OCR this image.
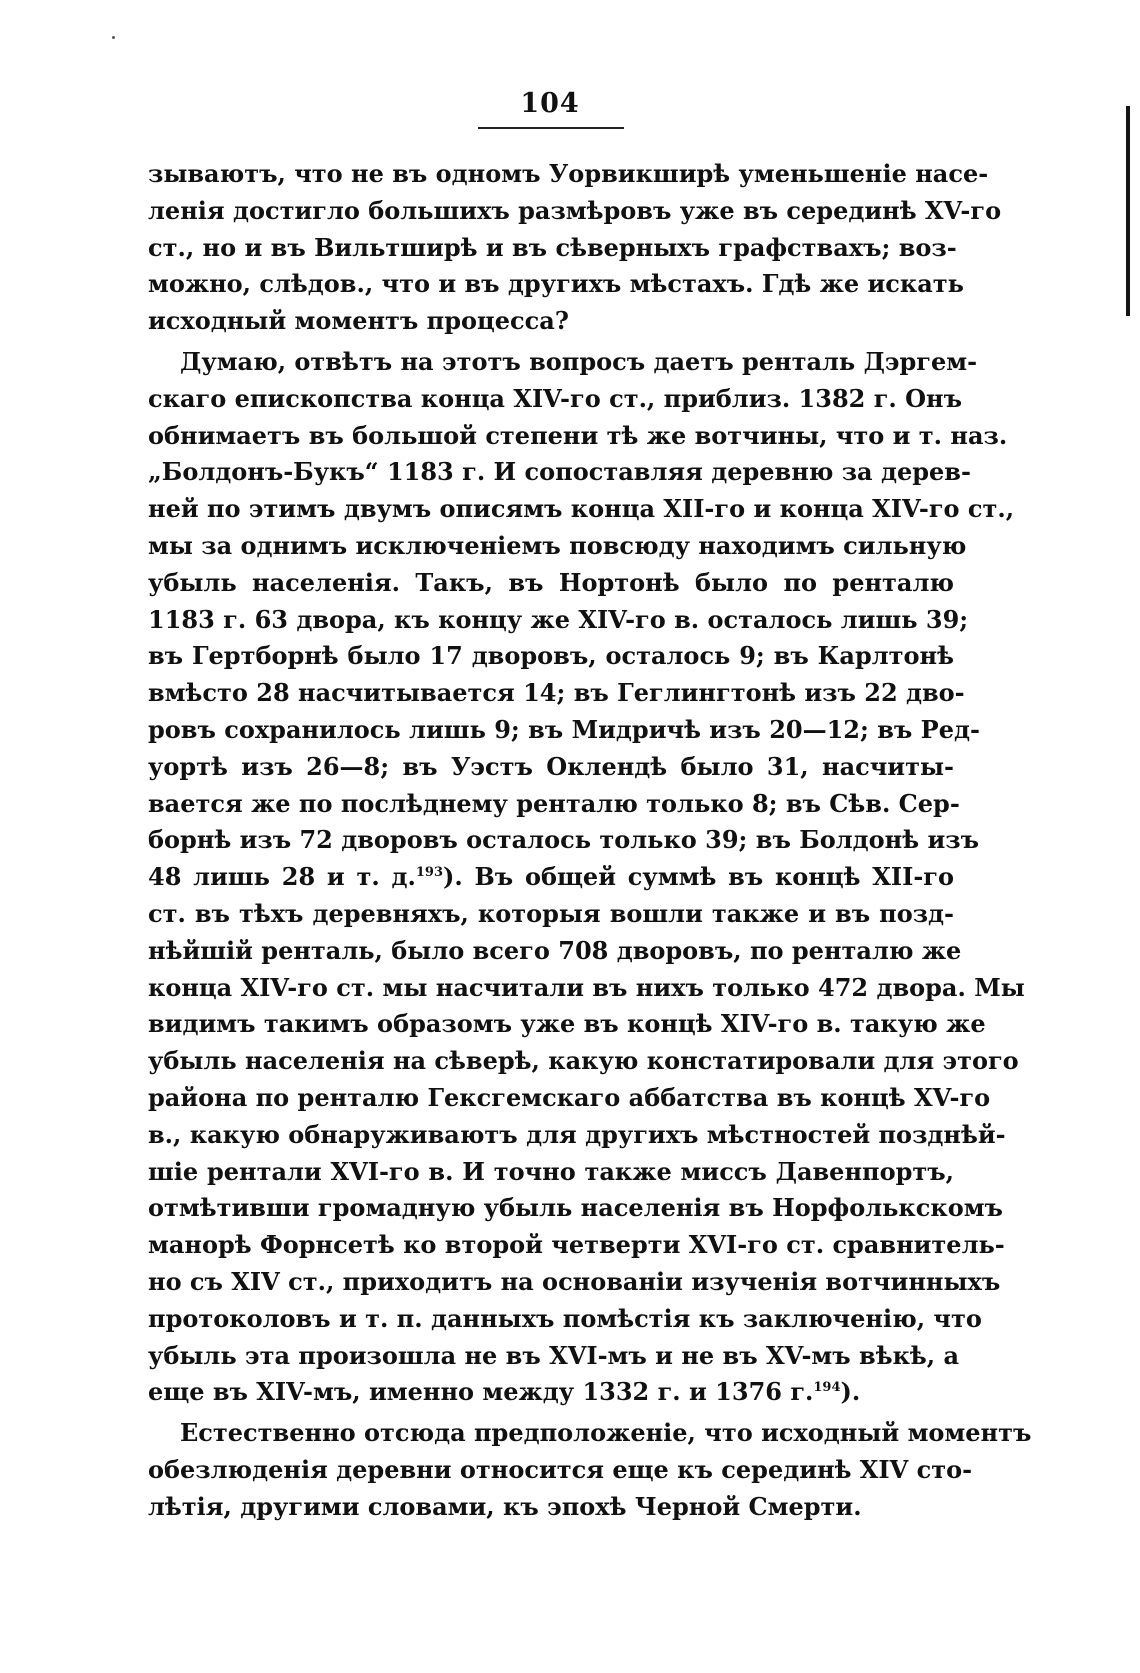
104
зываютъ, что не въ одномъ Уорвикширѣ уменьшеніе насе-
ленія достигло большихъ размѣровъ уже въ серединѣ XV-го
ст., но и въ Вильтширѣ и въ сѣверныхъ графствахъ; воз-
можно, слѣдов., что и въ другихъ мѣстахъ. Гдѣ же искать
исходный моментъ процесса?
Думаю, отвѣтъ на этотъ вопросъ даетъ ренталь Дэргем-
скаго епископства конца XIV-го ст., приблиз. 1382 г. Онъ
обнимаетъ въ большой степени тѣ же вотчины, что и т. наз.
„Болдонъ-Букъ“ 1183 г. И сопоставляя деревню за дерев-
ней по этимъ двумъ описямъ конца XII-го и конца XIV-го ст.,
мы за однимъ исключеніемъ повсюду находимъ сильную
убыль населенія. Такъ, въ Нортонѣ было по ренталю
1183 г. 63 двора, къ концу же XIV-го в. осталось лишь 39;
въ Гертборнѣ было 17 дворовъ, осталось 9; въ Карлтонѣ
вмѣсто 28 насчитывается 14; въ Геглингтонѣ изъ 22 дво-
ровъ сохранилось лишь 9; въ Мидричѣ изъ 20—12; въ Ред-
уортѣ изъ 26—8; въ Уэстъ Оклендѣ было 31, насчиты-
вается же по послѣднему ренталю только 8; въ Сѣв. Сер-
борнѣ изъ 72 дворовъ осталось только 39; въ Болдонѣ изъ
48 лишь 28 и т. д.$^{193}$). Въ общей суммѣ въ концѣ XII-го
ст. въ тѣхъ деревняхъ, которыя вошли также и въ позд-
нѣйшій ренталь, было всего 708 дворовъ, по ренталю же
конца XIV-го ст. мы насчитали въ нихъ только 472 двора. Мы
видимъ такимъ образомъ уже въ концѣ XIV-го в. такую же
убыль населенія на сѣверѣ, какую констатировали для этого
района по ренталю Гексгемскаго аббатства въ концѣ XV-го
в., какую обнаруживаютъ для другихъ мѣстностей позднѣй-
шіе рентали XVI-го в. И точно также миссъ Давенпортъ,
отмѣтивши громадную убыль населенія въ Норфолькскомъ
манорѣ Форнсетѣ ко второй четверти XVI-го ст. сравнитель-
но съ XIV ст., приходитъ на основаніи изученія вотчинныхъ
протоколовъ и т. п. данныхъ помѣстія къ заключенію, что
убыль эта произошла не въ XVI-мъ и не въ XV-мъ вѣкѣ, а
еще въ XIV-мъ, именно между 1332 г. и 1376 г.$^{194}$).
Естественно отсюда предположеніе, что исходный моментъ
обезлюденія деревни относится еще къ серединѣ XIV сто-
лѣтія, другими словами, къ эпохѣ Черной Смерти.
